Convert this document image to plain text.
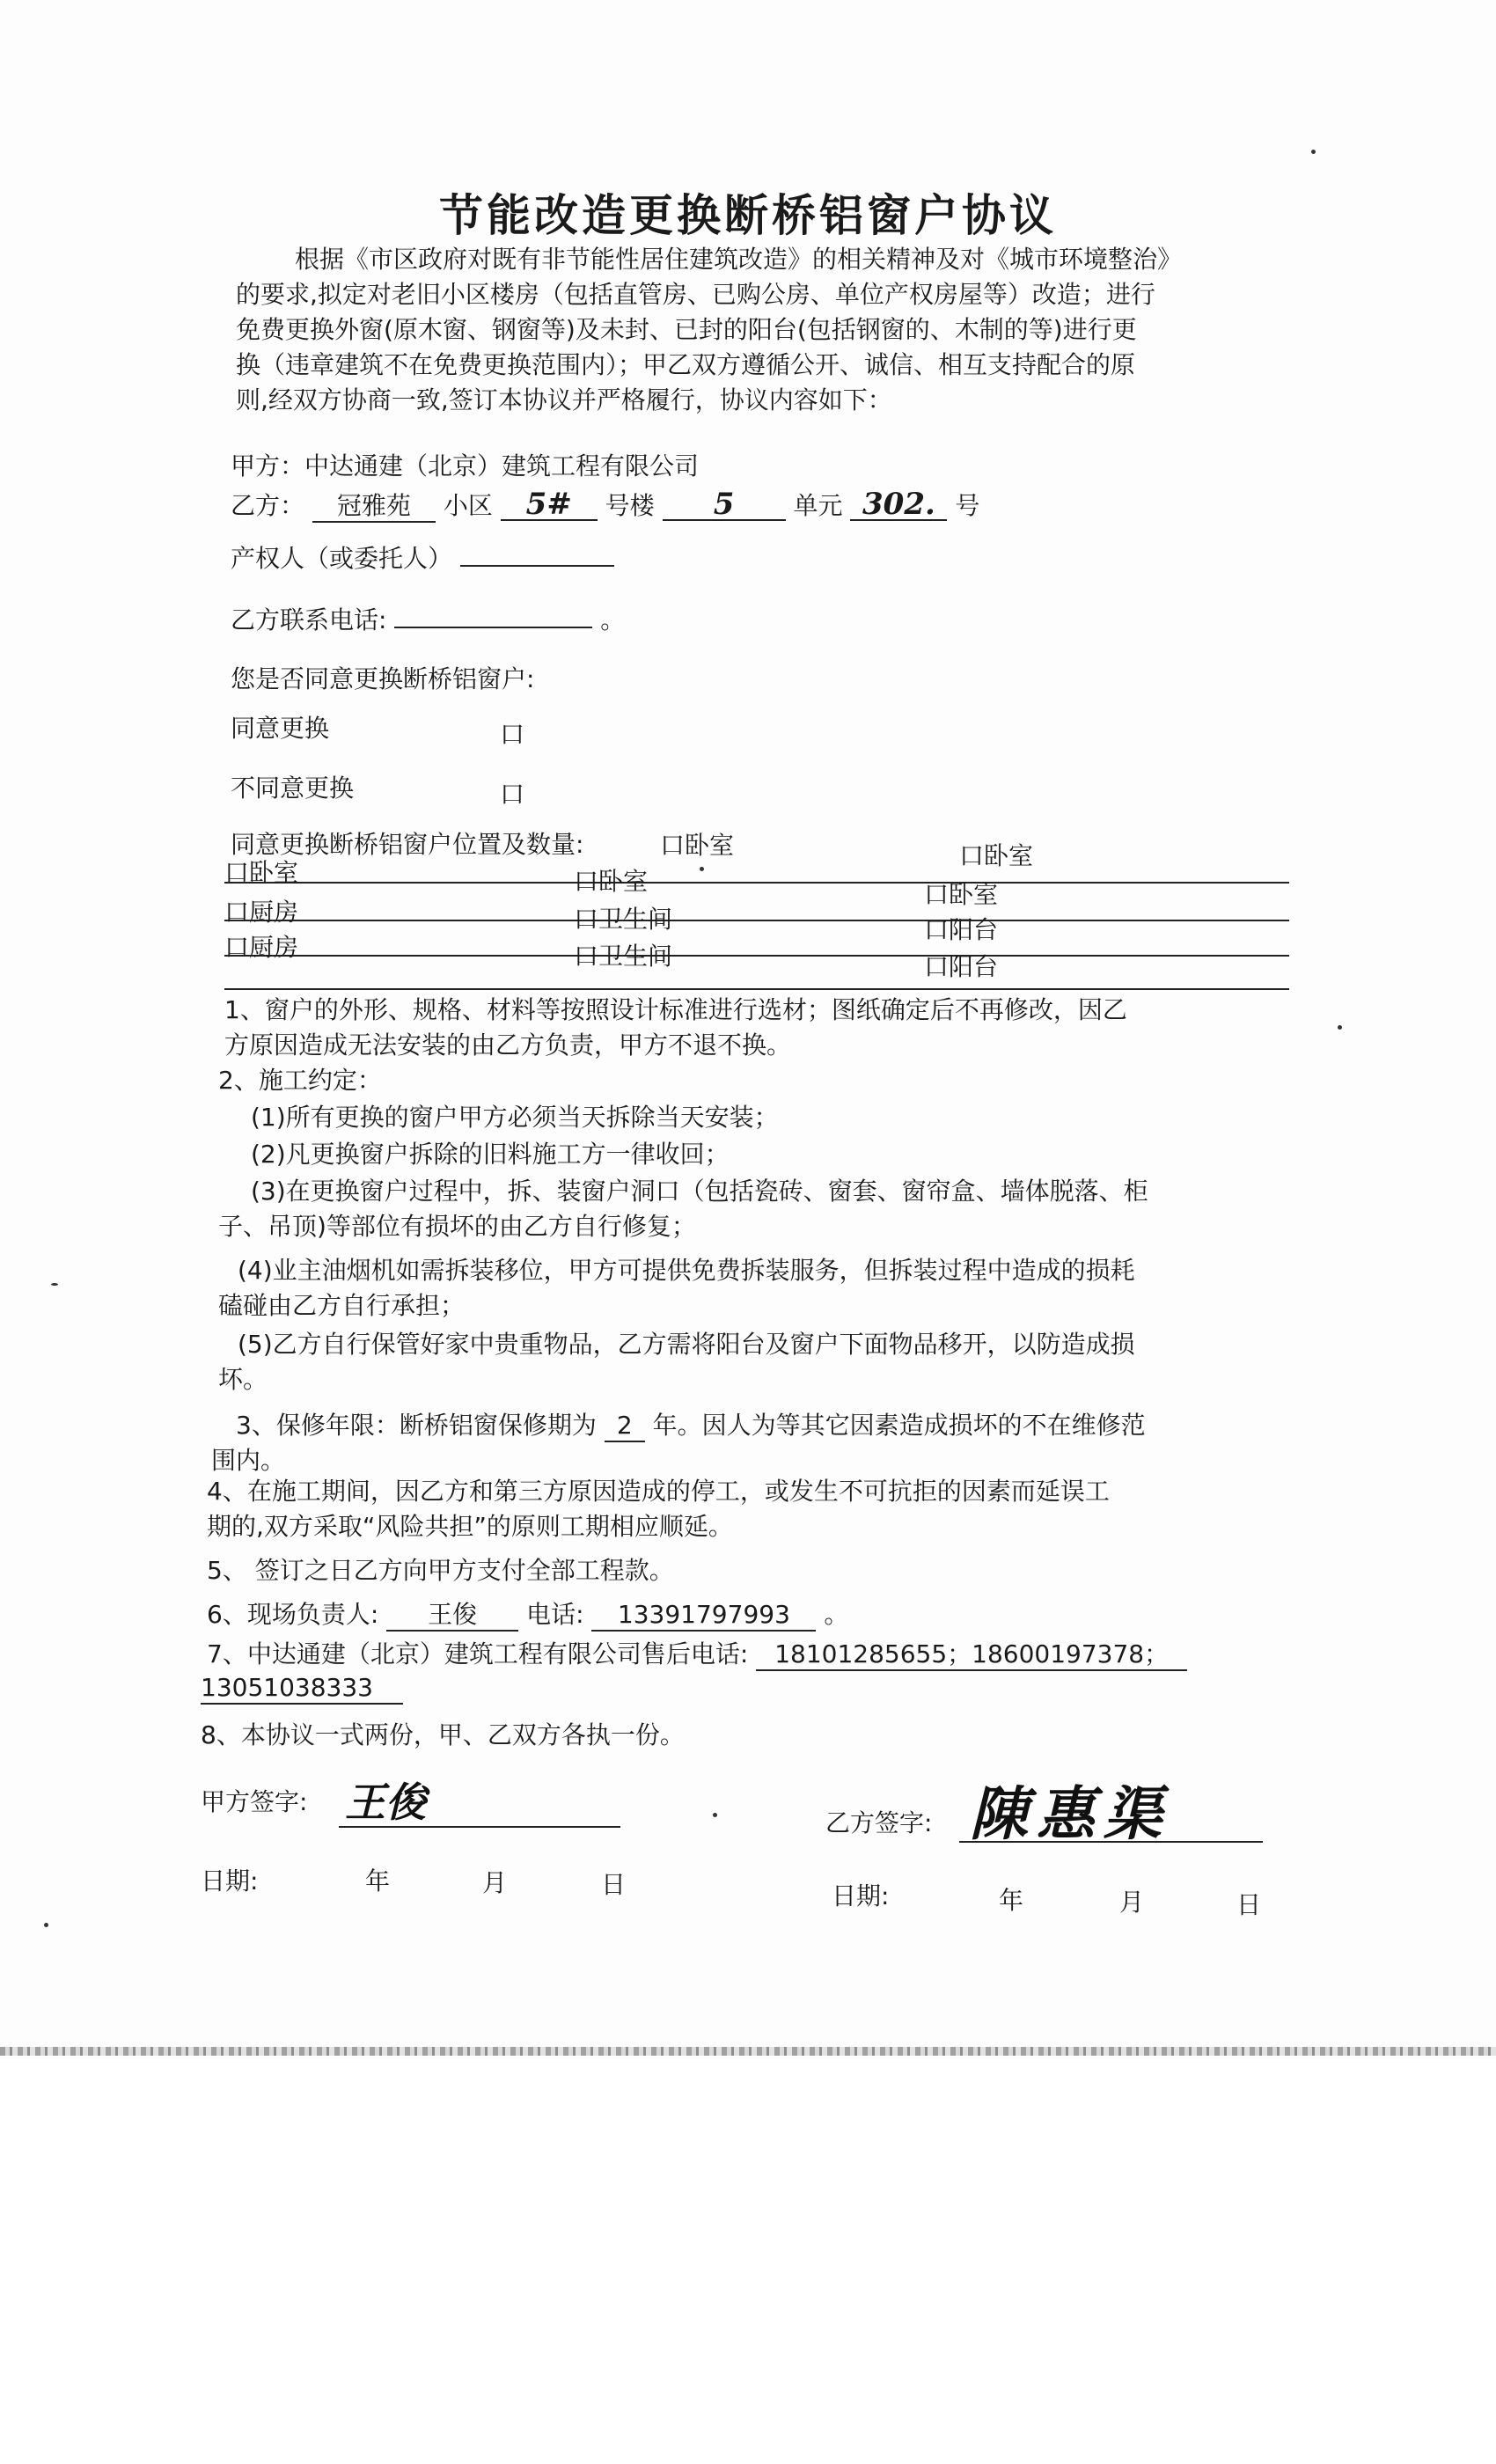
节能改造更换断桥铝窗户协议
根据《市区政府对既有非节能性居住建筑改造》的相关精神及对《城市环境整治》
的要求,拟定对老旧小区楼房（包括直管房、已购公房、单位产权房屋等）改造；进行
免费更换外窗(原木窗、钢窗等)及未封、已封的阳台(包括钢窗的、木制的等)进行更
换（违章建筑不在免费更换范围内）；甲乙双方遵循公开、诚信、相互支持配合的原
则,经双方协商一致,签订本协议并严格履行，协议内容如下：
甲方：中达通建（北京）建筑工程有限公司
乙方： 冠雅苑 小区 5# 号楼 5 单元 302. 号
产权人（或委托人）
乙方联系电话:	。
您是否同意更换断桥铝窗户:
同意更换	口
不同意更换	口
同意更换断桥铝窗户位置及数量:	口卧室	口卧室
口卧室	口卧室	口卧室
口厨房	口卫生间	口阳台
口厨房	口卫生间	口阳台
1、窗户的外形、规格、材料等按照设计标准进行选材；图纸确定后不再修改，因乙
方原因造成无法安装的由乙方负责，甲方不退不换。
2、施工约定：
(1)所有更换的窗户甲方必须当天拆除当天安装；
(2)凡更换窗户拆除的旧料施工方一律收回；
(3)在更换窗户过程中，拆、装窗户洞口（包括瓷砖、窗套、窗帘盒、墙体脱落、柜
子、吊顶)等部位有损坏的由乙方自行修复；
(4)业主油烟机如需拆装移位，甲方可提供免费拆装服务，但拆装过程中造成的损耗
磕碰由乙方自行承担；
(5)乙方自行保管好家中贵重物品，乙方需将阳台及窗户下面物品移开，以防造成损
坏。
3、保修年限：断桥铝窗保修期为 2 年。因人为等其它因素造成损坏的不在维修范
围内。
4、在施工期间，因乙方和第三方原因造成的停工，或发生不可抗拒的因素而延误工
期的,双方采取“风险共担”的原则工期相应顺延。
5、 签订之日乙方向甲方支付全部工程款。
6、现场负责人: 王俊 电话: 13391797993 。
7、中达通建（北京）建筑工程有限公司售后电话: 18101285655；18600197378；
13051038333
8、本协议一式两份，甲、乙双方各执一份。
甲方签字: 王俊	乙方签字: 陳惠渠
日期:	年	月	日	日期:	年	月	日
